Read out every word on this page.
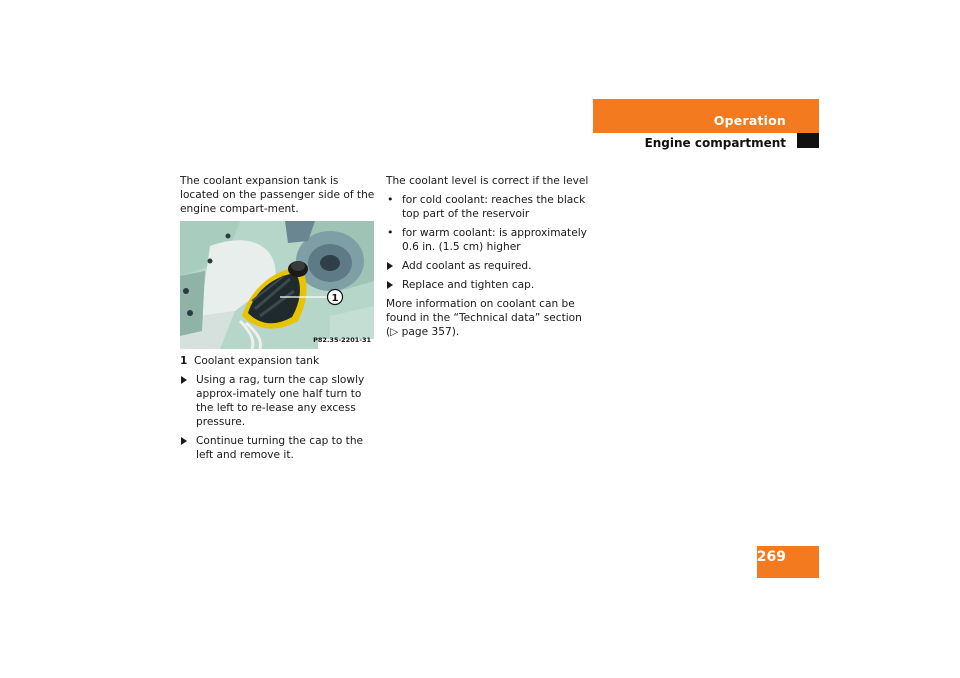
Operation
Engine compartment

The coolant expansion tank is located on the passenger side of the engine compart-ment.

1
P82.35-2201-31
1 Coolant expansion tank
Using a rag, turn the cap slowly approx-imately one half turn to the left to re-lease any excess pressure.
Continue turning the cap to the left and remove it.

The coolant level is correct if the level

• for cold coolant: reaches the black top part of the reservoir
• for warm coolant: is approximately 0.6 in. (1.5 cm) higher
Add coolant as required.
Replace and tighten cap.

More information on coolant can be found in the “Technical data” section
(▷ page 357).

269
